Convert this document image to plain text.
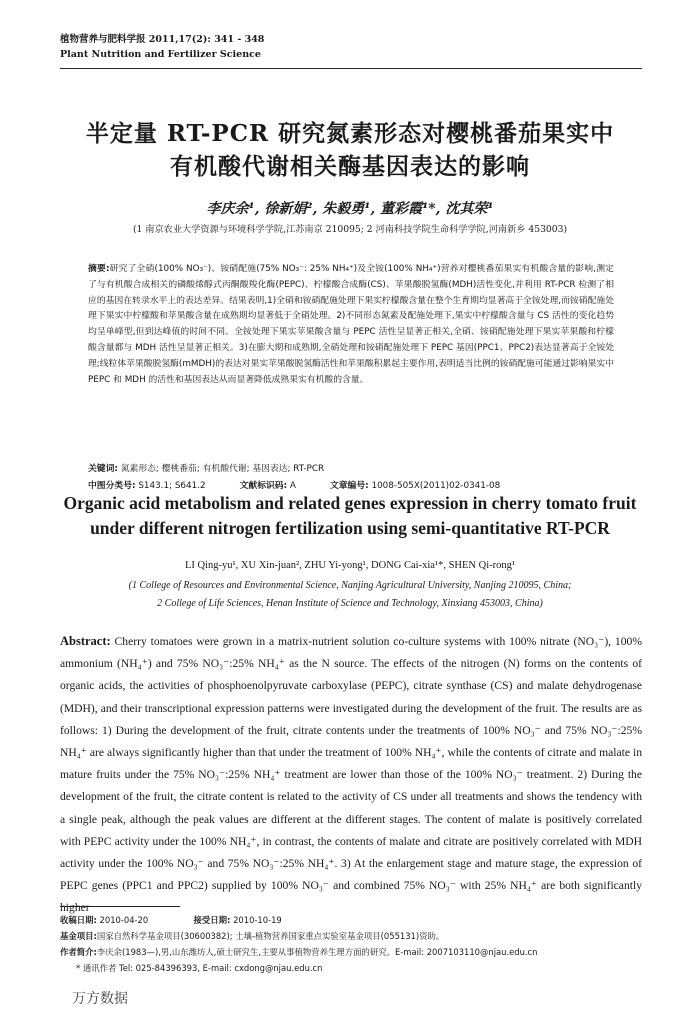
植物营养与肥料学报 2011,17(2): 341 - 348
Plant Nutrition and Fertilizer Science
半定量 RT-PCR 研究氮素形态对樱桃番茄果实中
有机酸代谢相关酶基因表达的影响
李庆余¹, 徐新娟², 朱毅勇¹, 董彩霞¹*, 沈其荣¹
(1 南京农业大学资源与环境科学学院,江苏南京 210095; 2 河南科技学院生命科学学院,河南新乡 453003)
摘要:研究了全硝(100% NO₃⁻)、铵硝配施(75% NO₃⁻: 25% NH₄⁺)及全铵(100% NH₄⁺)营养对樱桃番茄果实有机酸含量的影响,测定了与有机酸合成相关的磷酸烯醇式丙酮酸羧化酶(PEPC)、柠檬酸合成酶(CS)、苹果酸脱氢酶(MDH)活性变化,并利用 RT-PCR 检测了相应的基因在转录水平上的表达差异。结果表明,1)全硝和铵硝配施处理下果实柠檬酸含量在整个生育期均显著高于全铵处理,而铵硝配施处理下果实中柠檬酸和苹果酸含量在成熟期均显著低于全硝处理。2)不同形态氮素及配施处理下,果实中柠檬酸含量与 CS 活性的变化趋势均呈单峰型,但到达峰值的时间不同。全铵处理下果实苹果酸含量与 PEPC 活性呈显著正相关,全硝、铵硝配施处理下果实苹果酸和柠檬酸含量都与 MDH 活性呈显著正相关。3)在膨大期和成熟期,全硝处理和铵硝配施处理下 PEPC 基因(PPC1、PPC2)表达显著高于全铵处理;线粒体苹果酸脱氢酶(mMDH)的表达对果实苹果酸脱氢酶活性和苹果酸积累起主要作用,表明适当比例的铵硝配施可能通过影响果实中 PEPC 和 MDH 的活性和基因表达从而显著降低成熟果实有机酸的含量。
关键词: 氮素形态; 樱桃番茄; 有机酸代谢; 基因表达; RT-PCR
中图分类号: S143.1; S641.2	文献标识码: A	文章编号: 1008-505X(2011)02-0341-08
Organic acid metabolism and related genes expression in cherry tomato fruit
under different nitrogen fertilization using semi-quantitative RT-PCR
LI Qing-yu¹, XU Xin-juan², ZHU Yi-yong¹, DONG Cai-xia¹*, SHEN Qi-rong¹
(1 College of Resources and Environmental Science, Nanjing Agricultural University, Nanjing 210095, China;
2 College of Life Sciences, Henan Institute of Science and Technology, Xinxiang 453003, China)
Abstract: Cherry tomatoes were grown in a matrix-nutrient solution co-culture systems with 100% nitrate (NO₃⁻), 100% ammonium (NH₄⁺) and 75% NO₃⁻:25% NH₄⁺ as the N source. The effects of the nitrogen (N) forms on the contents of organic acids, the activities of phosphoenolpyruvate carboxylase (PEPC), citrate synthase (CS) and malate dehydrogenase (MDH), and their transcriptional expression patterns were investigated during the development of the fruit. The results are as follows: 1) During the development of the fruit, citrate contents under the treatments of 100% NO₃⁻ and 75% NO₃⁻:25% NH₄⁺ are always significantly higher than that under the treatment of 100% NH₄⁺, while the contents of citrate and malate in mature fruits under the 75% NO₃⁻:25% NH₄⁺ treatment are lower than those of the 100% NO₃⁻ treatment. 2) During the development of the fruit, the citrate content is related to the activity of CS under all treatments and shows the tendency with a single peak, although the peak values are different at the different stages. The content of malate is positively correlated with PEPC activity under the 100% NH₄⁺, in contrast, the contents of malate and citrate are positively correlated with MDH activity under the 100% NO₃⁻ and 75% NO₃⁻:25% NH₄⁺. 3) At the enlargement stage and mature stage, the expression of PEPC genes (PPC1 and PPC2) supplied by 100% NO₃⁻ and combined 75% NO₃⁻ with 25% NH₄⁺ are both significantly higher
收稿日期: 2010-04-20	接受日期: 2010-10-19
基金项目:国家自然科学基金项目(30600382); 土壤-植物营养国家重点实验室基金项目(055131)资助。
作者简介:李庆余(1983—),男,山东潍坊人,硕士研究生,主要从事植物营养生理方面的研究。E-mail: 2007103110@njau.edu.cn
* 通讯作者 Tel: 025-84396393, E-mail: cxdong@njau.edu.cn
万方数据
